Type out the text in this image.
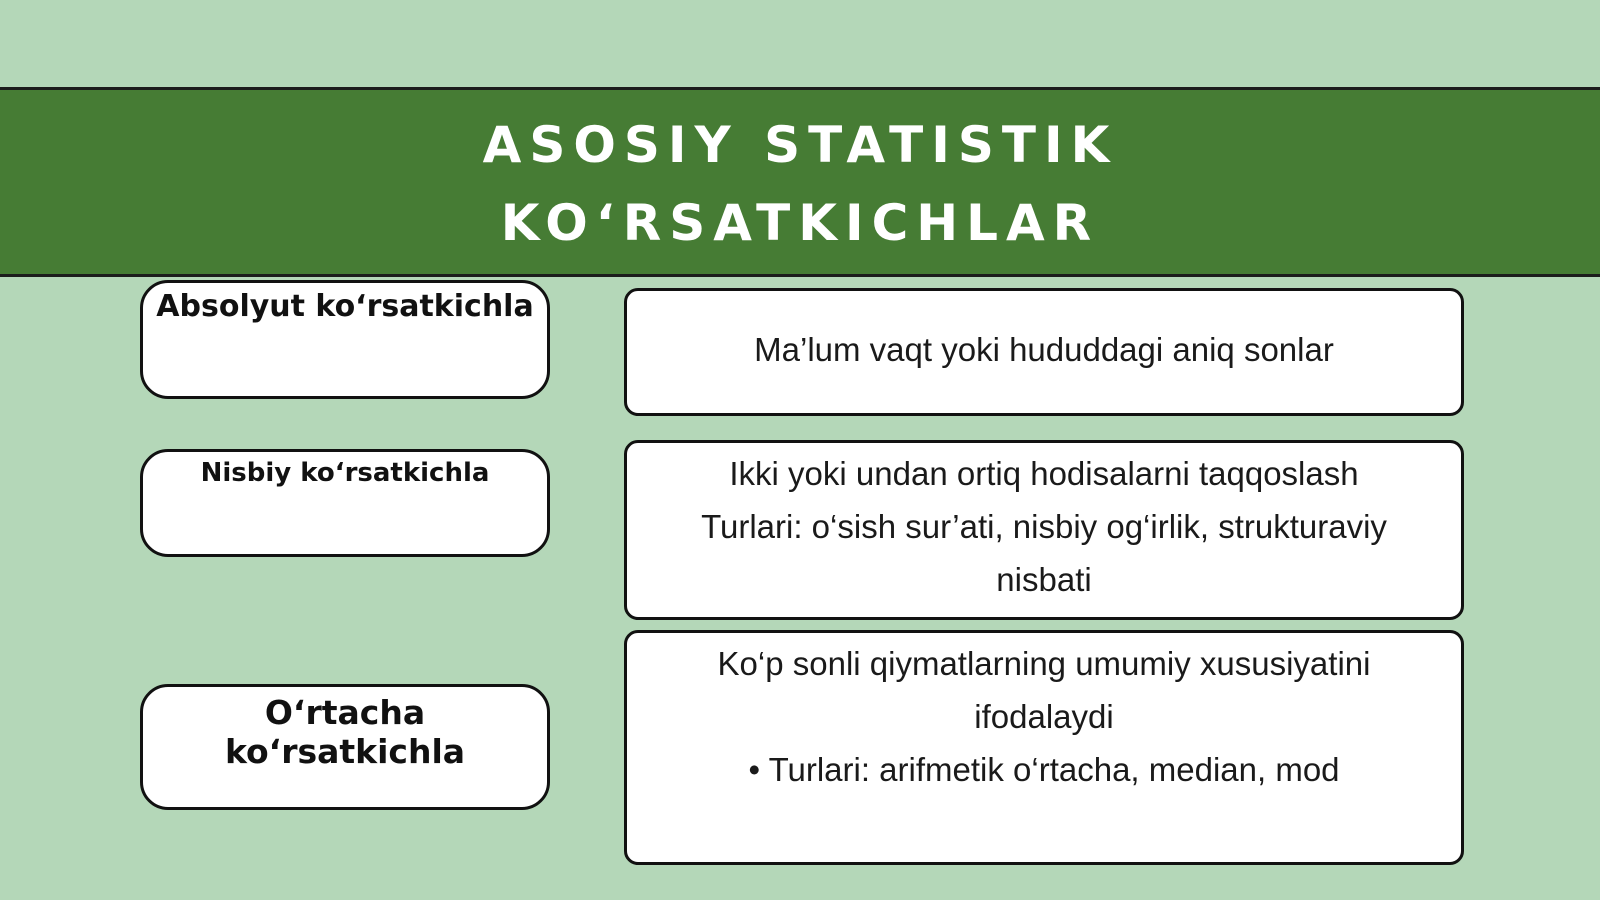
ASOSIY STATISTIK
KO‘RSATKICHLAR
Absolyut ko‘rsatkichla
Ma’lum vaqt yoki hududdagi aniq sonlar
Nisbiy ko‘rsatkichla	Ikki yoki undan ortiq hodisalarni taqqoslash
Turlari: o‘sish sur’ati, nisbiy og‘irlik, strukturaviy
nisbati
O‘rtacha ko‘rsatkichla
Ko‘p sonli qiymatlarning umumiy xususiyatini
ifodalaydi
• Turlari: arifmetik o‘rtacha, median, mod
